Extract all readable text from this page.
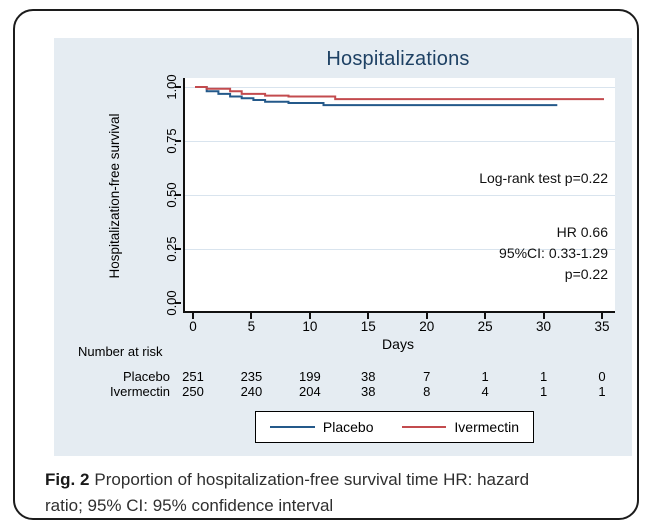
Hospitalizations
Hospitalization-free survival
Days
Log-rank test p=0.22
HR 0.66
95%CI: 0.33-1.29
p=0.22
Number at risk
Placebo
Ivermectin
Placebo	Ivermectin
0.00
0.25
0.50
0.75
1.00
0
251
250
5
235
240
10
199
204
15
38
38
20
7
8
25
1
4
30
1
1
35
0
1
Fig. 2 Proportion of hospitalization-free survival time HR: hazard
ratio; 95% CI: 95% confidence interval
